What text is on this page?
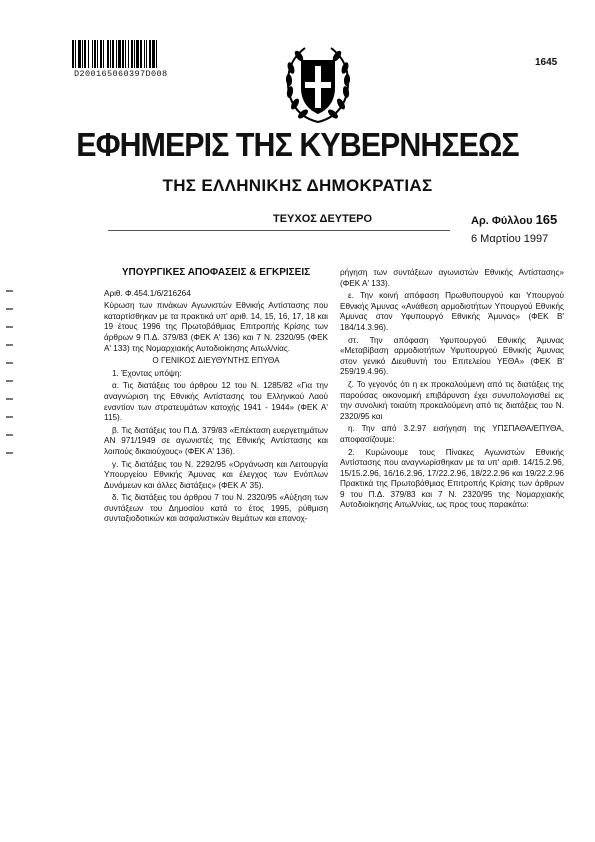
D200165060397D008
1645
ΕΦΗΜΕΡΙΣ ΤΗΣ ΚΥΒΕΡΝΗΣΕΩΣ
ΤΗΣ ΕΛΛΗΝΙΚΗΣ ΔΗΜΟΚΡΑΤΙΑΣ
ΤΕΥΧΟΣ ΔΕΥΤΕΡΟ	Αρ. Φύλλου 165
6 Μαρτίου 1997

ΥΠΟΥΡΓΙΚΕΣ ΑΠΟΦΑΣΕΙΣ & ΕΓΚΡΙΣΕΙΣ

Αριθ. Φ.454.1/6/216264

Κύρωση των πινάκων Αγωνιστών Εθνικής Αντίστασης που καταρτίσθηκαν με τα πρακτικά υπ' αριθ. 14, 15, 16, 17, 18 και 19 έτους 1996 της Πρωτοβάθμιας Επιτροπής Κρίσης των άρθρων 9 Π.Δ. 379/83 (ΦΕΚ Α' 136) και 7 Ν. 2320/95 (ΦΕΚ Α' 133) της Νομαρχιακής Αυτοδιοίκησης Αιτωλ/νίας.

Ο ΓΕΝΙΚΟΣ ΔΙΕΥΘΥΝΤΗΣ ΕΠΥΘΑ

1. Έχοντας υπόψη:

α. Τις διατάξεις του άρθρου 12 του Ν. 1285/82 «Για την αναγνώριση της Εθνικής Αντίστασης του Ελληνικού Λαού εναντίον των στρατευμάτων κατοχής 1941 - 1944» (ΦΕΚ Α' 115).

β. Τις διατάξεις του Π.Δ. 379/83 «Επέκταση ευεργετημάτων ΑΝ 971/1949 σε αγωνιστές της Εθνικής Αντίστασης και λοιπούς δικαιούχους» (ΦΕΚ Α' 136).

γ. Τις διατάξεις του Ν. 2292/95 «Οργάνωση και Λειτουργία Υπουργείου Εθνικής Άμυνας και έλεγχος των Ενόπλων Δυνάμεων και άλλες διατάξεις» (ΦΕΚ Α' 35).

δ. Τις διατάξεις του άρθρου 7 του Ν. 2320/95 «Αύξηση των συντάξεων του Δημοσίου κατά το έτος 1995, ρύθμιση συνταξιοδοτικών και ασφαλιστικών θεμάτων και επανοχ-

ρήγηση των συντάξεων αγωνιστών Εθνικής Αντίστασης» (ΦΕΚ Α' 133).

ε. Την κοινή απόφαση Πρωθυπουργού και Υπουργού Εθνικής Άμυνας «Ανάθεση αρμοδιοτήτων Υπουργού Εθνικής Άμυνας στον Υφυπουργό Εθνικής Άμυνας» (ΦΕΚ Β' 184/14.3.96).

στ. Την απόφαση Υφυπουργού Εθνικής Άμυνας «Μεταβίβαση αρμοδιοτήτων Υφυπουργού Εθνικής Άμυνας στον γενικό Διευθυντή του Επιτελείου ΥΕΘΑ» (ΦΕΚ Β' 259/19.4.96).

ζ. Το γεγονός ότι η εκ προκαλούμενη από τις διατάξεις της παρούσας οικονομική επιβάρυνση έχει συνυπολογισθεί εις την συνολική τοιαύτη προκαλούμενη από τις διατάξεις του Ν. 2320/95 και

η. Την από 3.2.97 εισήγηση της ΥΠΣΠΑΘΑ/ΕΠΥΘΑ, αποφασίζουμε:

2. Κυρώνουμε τους Πίνακες Αγωνιστών Εθνικής Αντίστασης που αναγνωρίσθηκαν με τα υπ' αριθ. 14/15.2.96, 15/15.2.96, 16/16.2.96, 17/22.2.96, 18/22.2.96 και 19/22.2.96 Πρακτικά της Πρωτοβάθμιας Επιτροπής Κρίσης των άρθρων 9 του Π.Δ. 379/83 και 7 Ν. 2320/95 της Νομαρχιακής Αυτοδιοίκησης Αιτωλ/νίας, ως προς τους παρακάτω:
